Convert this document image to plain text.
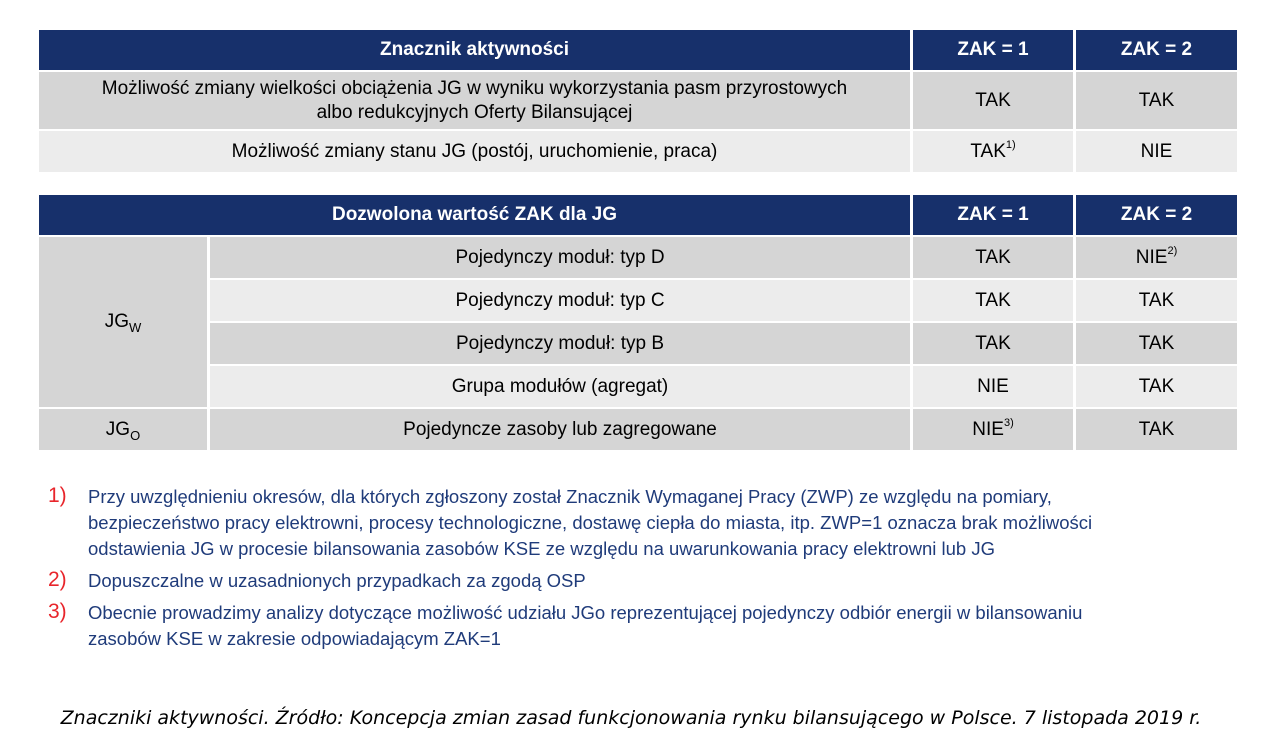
Znacznik aktywności	ZAK = 1	ZAK = 2
Możliwość zmiany wielkości obciążenia JG w wyniku wykorzystania pasm przyrostowych
albo redukcyjnych Oferty Bilansującej	TAK	TAK
Możliwość zmiany stanu JG (postój, uruchomienie, praca)	TAK$^{1)}$	NIE
Dozwolona wartość ZAK dla JG		ZAK = 1	ZAK = 2
$JG_W$	Pojedynczy moduł: typ D	TAK	NIE$^{2)}$
	Pojedynczy moduł: typ C	TAK	TAK
	Pojedynczy moduł: typ B	TAK	TAK
	Grupa modułów (agregat)	NIE	TAK
$JG_O$	Pojedyncze zasoby lub zagregowane	NIE$^{3)}$	TAK
1)	Przy uwzględnieniu okresów, dla których zgłoszony został Znacznik Wymaganej Pracy (ZWP) ze względu na pomiary,
bezpieczeństwo pracy elektrowni, procesy technologiczne, dostawę ciepła do miasta, itp. ZWP=1 oznacza brak możliwości
odstawienia JG w procesie bilansowania zasobów KSE ze względu na uwarunkowania pracy elektrowni lub JG
2)	Dopuszczalne w uzasadnionych przypadkach za zgodą OSP
3)	Obecnie prowadzimy analizy dotyczące możliwość udziału JGo reprezentującej pojedynczy odbiór energii w bilansowaniu
zasobów KSE w zakresie odpowiadającym ZAK=1
Znaczniki aktywności. Źródło: Koncepcja zmian zasad funkcjonowania rynku bilansującego w Polsce. 7 listopada 2019 r.
